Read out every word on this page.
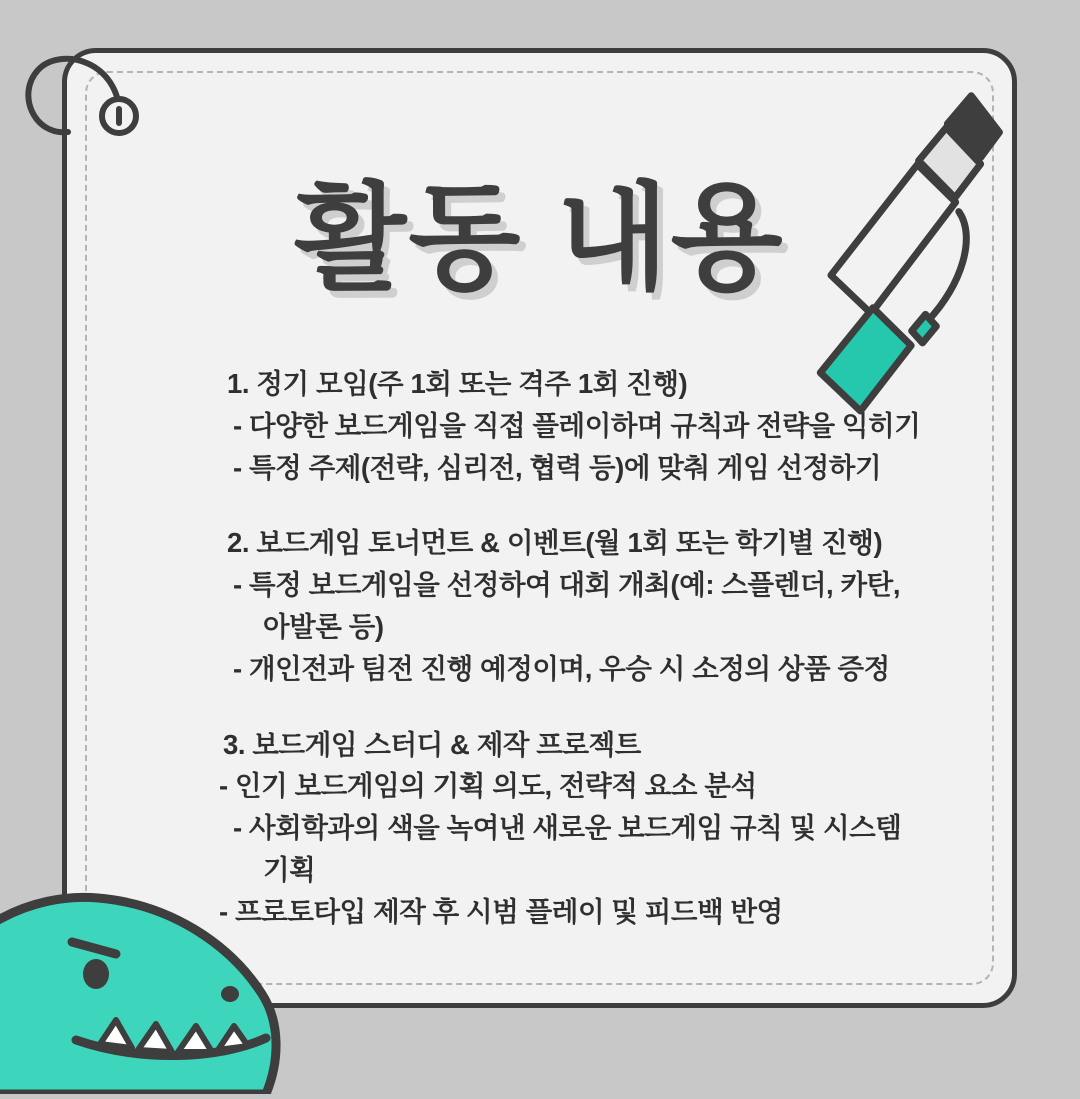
활동 내용
1. 정기 모임(주 1회 또는 격주 1회 진행)
- 다양한 보드게임을 직접 플레이하며 규칙과 전략을 익히기
- 특정 주제(전략, 심리전, 협력 등)에 맞춰 게임 선정하기
2. 보드게임 토너먼트 & 이벤트(월 1회 또는 학기별 진행)
- 특정 보드게임을 선정하여 대회 개최(예: 스플렌더, 카탄,
아발론 등)
- 개인전과 팀전 진행 예정이며, 우승 시 소정의 상품 증정
3. 보드게임 스터디 & 제작 프로젝트
- 인기 보드게임의 기획 의도, 전략적 요소 분석
- 사회학과의 색을 녹여낸 새로운 보드게임 규칙 및 시스템
기획
- 프로토타입 제작 후 시범 플레이 및 피드백 반영
